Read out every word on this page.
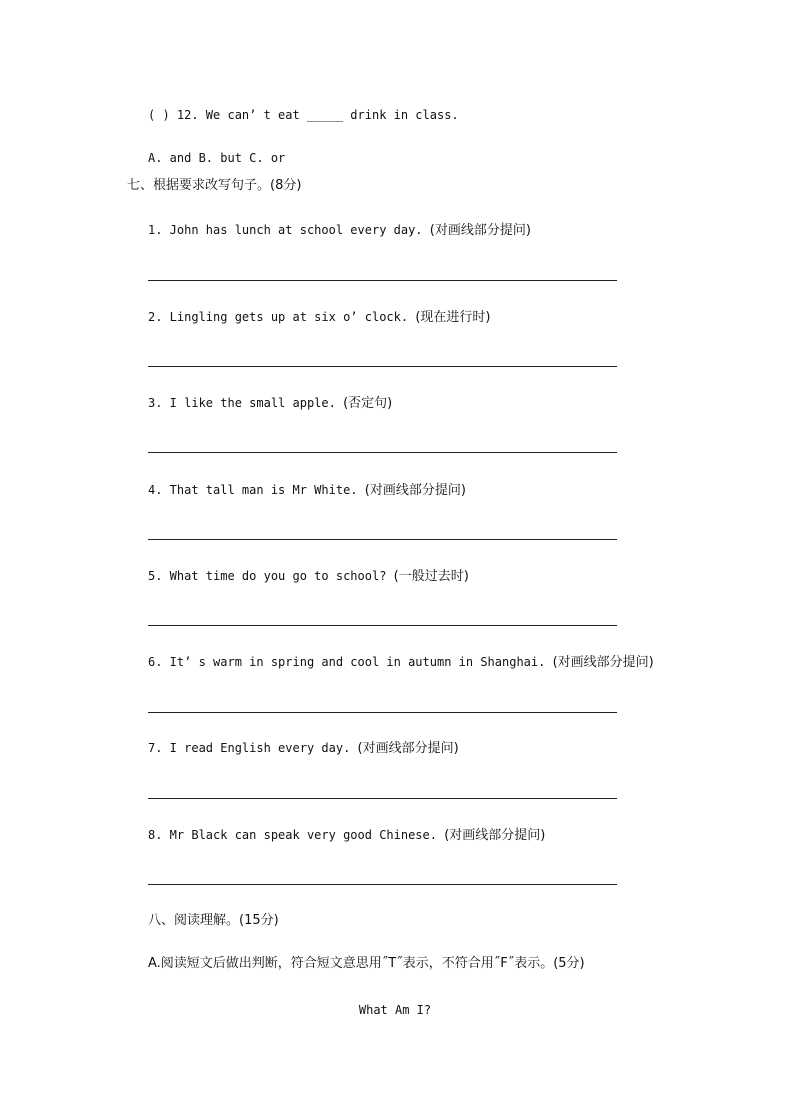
( ) 12. We can’ t eat _____ drink in class.
A. and B. but C. or
七、根据要求改写句子。(8分)
1. John has lunch at school every day. (对画线部分提问)
2. Lingling gets up at six o’ clock. (现在进行时)
3. I like the small apple. (否定句)
4. That tall man is Mr White. (对画线部分提问)
5. What time do you go to school? (一般过去时)
6. It’ s warm in spring and cool in autumn in Shanghai. (对画线部分提问)
7. I read English every day. (对画线部分提问)
8. Mr Black can speak very good Chinese. (对画线部分提问)
八、阅读理解。(15分)
A.阅读短文后做出判断，符合短文意思用˝T˝表示，不符合用˝F˝表示。(5分)
What Am I?
